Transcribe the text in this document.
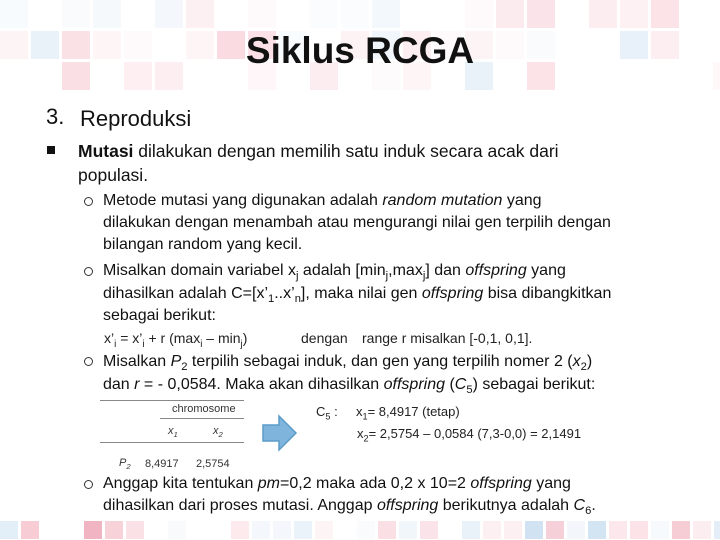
Siklus RCGA
3. Reproduksi
Mutasi dilakukan dengan memilih satu induk secara acak dari
populasi.
Metode mutasi yang digunakan adalah random mutation yang
dilakukan dengan menambah atau mengurangi nilai gen terpilih dengan
bilangan random yang kecil.
Misalkan domain variabel $x_j$ adalah $[\min_j,\max_j]$ dan offspring yang
dihasilkan adalah $C=[x’_1..x’_n]$, maka nilai gen offspring bisa dibangkitkan
sebagai berikut:
$x’_i$ = $x’_i + r$ $(\max_i - \min_j)$	dengan range r misalkan [-0,1, 0,1].
Misalkan $P_2$ terpilih sebagai induk, dan gen yang terpilih nomer 2 $(x_2)$
dan r = - 0,0584. Maka akan dihasilkan offspring $(C_5)$ sebagai berikut:
chromosome
$x_1$	$x_2$
$P_2$ 8,4917 2,5754
$C_5$ : $x_1= 8,4917$ (tetap)
$x_2= 2,5754 - 0,0584$ (7,3-0,0) = 2,1491
Anggap kita tentukan pm=0,2 maka ada 0,2 x 10=2 offspring yang
dihasilkan dari proses mutasi. Anggap offspring berikutnya adalah $C_6$.
